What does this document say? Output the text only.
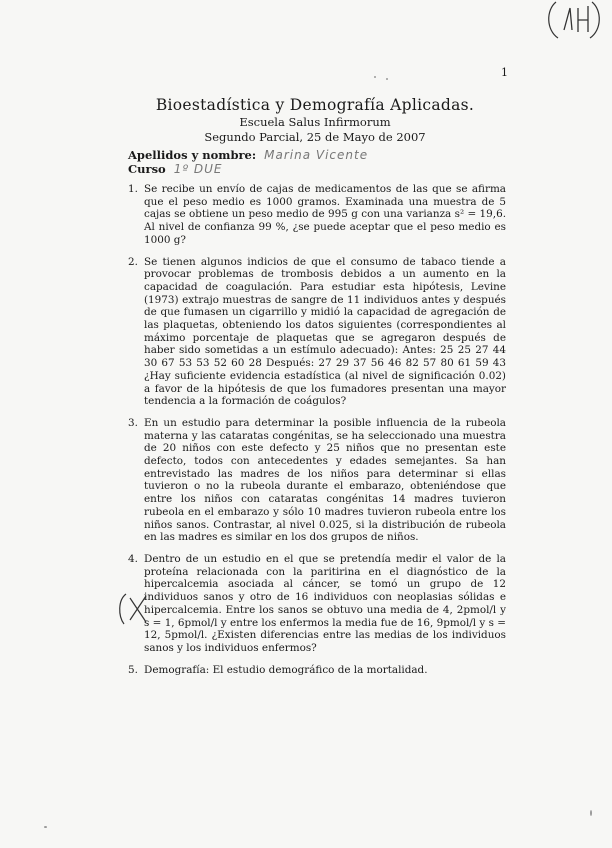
1

Bioestadística y Demografía Aplicadas.

Escuela Salus Infirmorum

Segundo Parcial, 25 de Mayo de 2007

Apellidos y nombre: Marina Vicente
Curso 1º DUE
1. Se recibe un envío de cajas de medicamentos de las que se afirma que el peso medio es 1000 gramos. Examinada una muestra de 5 cajas se obtiene un peso medio de 995 g con una varianza s² = 19,6. Al nivel de confianza 99 %, ¿se puede aceptar que el peso medio es 1000 g?
2. Se tienen algunos indicios de que el consumo de tabaco tiende a provocar problemas de trombosis debidos a un aumento en la capacidad de coagulación. Para estudiar esta hipótesis, Levine (1973) extrajo muestras de sangre de 11 individuos antes y después de que fumasen un cigarrillo y midió la capacidad de agregación de las plaquetas, obteniendo los datos siguientes (correspondientes al máximo porcentaje de plaquetas que se agregaron después de haber sido sometidas a un estímulo adecuado): Antes: 25 25 27 44 30 67 53 53 52 60 28 Después: 27 29 37 56 46 82 57 80 61 59 43 ¿Hay suficiente evidencia estadística (al nivel de significación 0.02) a favor de la hipótesis de que los fumadores presentan una mayor tendencia a la formación de coágulos?
3. En un estudio para determinar la posible influencia de la rubeola materna y las cataratas congénitas, se ha seleccionado una muestra de 20 niños con este defecto y 25 niños que no presentan este defecto, todos con antecedentes y edades semejantes. Sa han entrevistado las madres de los niños para determinar si ellas tuvieron o no la rubeola durante el embarazo, obteniéndose que entre los niños con cataratas congénitas 14 madres tuvieron rubeola en el embarazo y sólo 10 madres tuvieron rubeola entre los niños sanos. Contrastar, al nivel 0.025, si la distribución de rubeola en las madres es similar en los dos grupos de niños.
4. Dentro de un estudio en el que se pretendía medir el valor de la proteína relacionada con la paritirina en el diagnóstico de la hipercalcemia asociada al cáncer, se tomó un grupo de 12 individuos sanos y otro de 16 individuos con neoplasias sólidas e hipercalcemia. Entre los sanos se obtuvo una media de 4, 2pmol/l y s = 1, 6pmol/l y entre los enfermos la media fue de 16, 9pmol/l y s = 12, 5pmol/l. ¿Existen diferencias entre las medias de los individuos sanos y los individuos enfermos?
5. Demografía: El estudio demográfico de la mortalidad.
